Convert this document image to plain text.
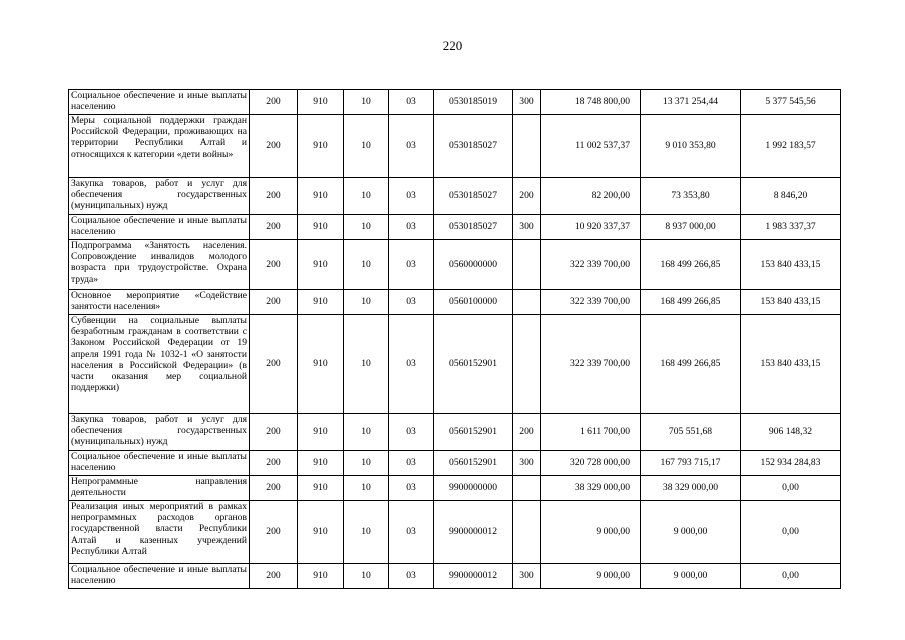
220
Социальное обеспечение и иные выплаты населению	200	910	10	03	0530185019	300	18 748 800,00	13 371 254,44	5 377 545,56
Меры социальной поддержки граждан Российской Федерации, проживающих на территории Республики Алтай и относящихся к категории «дети войны»	200	910	10	03	0530185027		11 002 537,37	9 010 353,80	1 992 183,57
Закупка товаров, работ и услуг для обеспечения государственных (муниципальных) нужд	200	910	10	03	0530185027	200	82 200,00	73 353,80	8 846,20
Социальное обеспечение и иные выплаты населению	200	910	10	03	0530185027	300	10 920 337,37	8 937 000,00	1 983 337,37
Подпрограмма «Занятость населения. Сопровождение инвалидов молодого возраста при трудоустройстве. Охрана труда»	200	910	10	03	0560000000		322 339 700,00	168 499 266,85	153 840 433,15
Основное мероприятие «Содействие занятости населения»	200	910	10	03	0560100000		322 339 700,00	168 499 266,85	153 840 433,15
Субвенции на социальные выплаты безработным гражданам в соответствии с Законом Российской Федерации от 19 апреля 1991 года № 1032-1 «О занятости населения в Российской Федерации» (в части оказания мер социальной поддержки)	200	910	10	03	0560152901		322 339 700,00	168 499 266,85	153 840 433,15
Закупка товаров, работ и услуг для обеспечения государственных (муниципальных) нужд	200	910	10	03	0560152901	200	1 611 700,00	705 551,68	906 148,32
Социальное обеспечение и иные выплаты населению	200	910	10	03	0560152901	300	320 728 000,00	167 793 715,17	152 934 284,83
Непрограммные направления деятельности	200	910	10	03	9900000000		38 329 000,00	38 329 000,00	0,00
Реализация иных мероприятий в рамках непрограммных расходов органов государственной власти Республики Алтай и казенных учреждений Республики Алтай	200	910	10	03	9900000012		9 000,00	9 000,00	0,00
Социальное обеспечение и иные выплаты населению	200	910	10	03	9900000012	300	9 000,00	9 000,00	0,00
